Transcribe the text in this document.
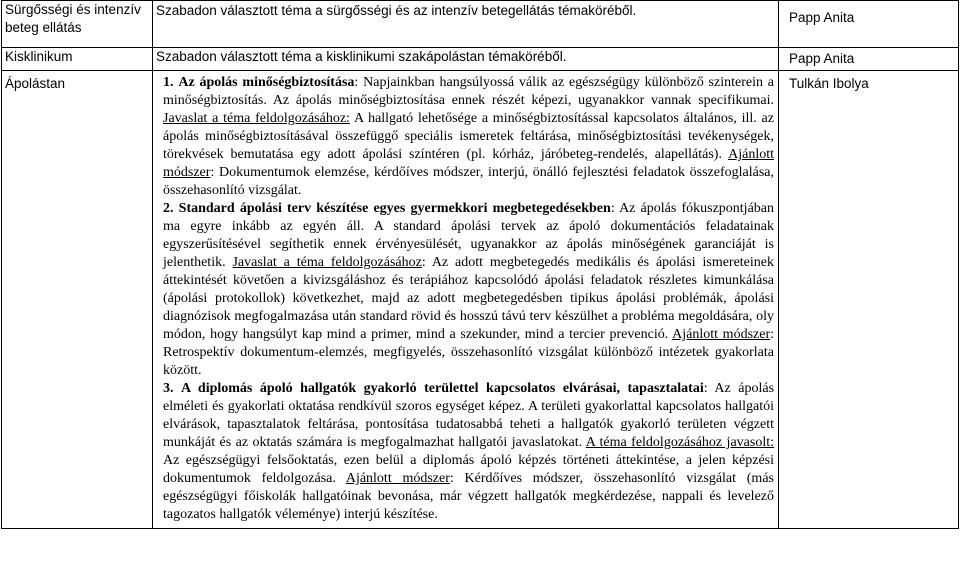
Sürgősségi és intenzív beteg ellátás	Szabadon választott téma a sürgősségi és az intenzív betegellátás témaköréből.	Papp Anita
Kisklinikum	Szabadon választott téma a kisklinikumi szakápolástan témaköréből.	Papp Anita
Ápolástan	1. Az ápolás minőségbiztosítása: Napjainkban hangsúlyossá válik az egészségügy különböző szinterein a minőségbiztosítás. Az ápolás minőségbiztosítása ennek részét képezi, ugyanakkor vannak specifikumai. Javaslat a téma feldolgozásához: A hallgató lehetősége a minőségbiztosítással kapcsolatos általános, ill. az ápolás minőségbiztosításával összefüggő speciális ismeretek feltárása, minőségbiztosítási tevékenységek, törekvések bemutatása egy adott ápolási színtéren (pl. kórház, járóbeteg-rendelés, alapellátás). Ajánlott módszer: Dokumentumok elemzése, kérdőíves módszer, interjú, önálló fejlesztési feladatok összefoglalása, összehasonlító vizsgálat.

2. Standard ápolási terv készítése egyes gyermekkori megbetegedésekben: Az ápolás fókuszpontjában ma egyre inkább az egyén áll. A standard ápolási tervek az ápoló dokumentációs feladatainak egyszerűsítésével segíthetik ennek érvényesülését, ugyanakkor az ápolás minőségének garanciáját is jelenthetik. Javaslat a téma feldolgozásához: Az adott megbetegedés medikális és ápolási ismereteinek áttekintését követően a kivizsgáláshoz és terápiához kapcsolódó ápolási feladatok részletes kimunkálása (ápolási protokollok) következhet, majd az adott megbetegedésben tipikus ápolási problémák, ápolási diagnózisok megfogalmazása után standard rövid és hosszú távú terv készülhet a probléma megoldására, oly módon, hogy hangsúlyt kap mind a primer, mind a szekunder, mind a tercier prevenció. Ajánlott módszer: Retrospektív dokumentum-elemzés, megfigyelés, összehasonlító vizsgálat különböző intézetek gyakorlata között.

3. A diplomás ápoló hallgatók gyakorló területtel kapcsolatos elvárásai, tapasztalatai: Az ápolás elméleti és gyakorlati oktatása rendkívül szoros egységet képez. A területi gyakorlattal kapcsolatos hallgatói elvárások, tapasztalatok feltárása, pontosítása tudatosabbá teheti a hallgatók gyakorló területen végzett munkáját és az oktatás számára is megfogalmazhat hallgatói javaslatokat. A téma feldolgozásához javasolt: Az egészségügyi felsőoktatás, ezen belül a diplomás ápoló képzés történeti áttekintése, a jelen képzési dokumentumok feldolgozása. Ajánlott módszer: Kérdőíves módszer, összehasonlító vizsgálat (más egészségügyi főiskolák hallgatóinak bevonása, már végzett hallgatók megkérdezése, nappali és levelező tagozatos hallgatók véleménye) interjú készítése.	Tulkán Ibolya
